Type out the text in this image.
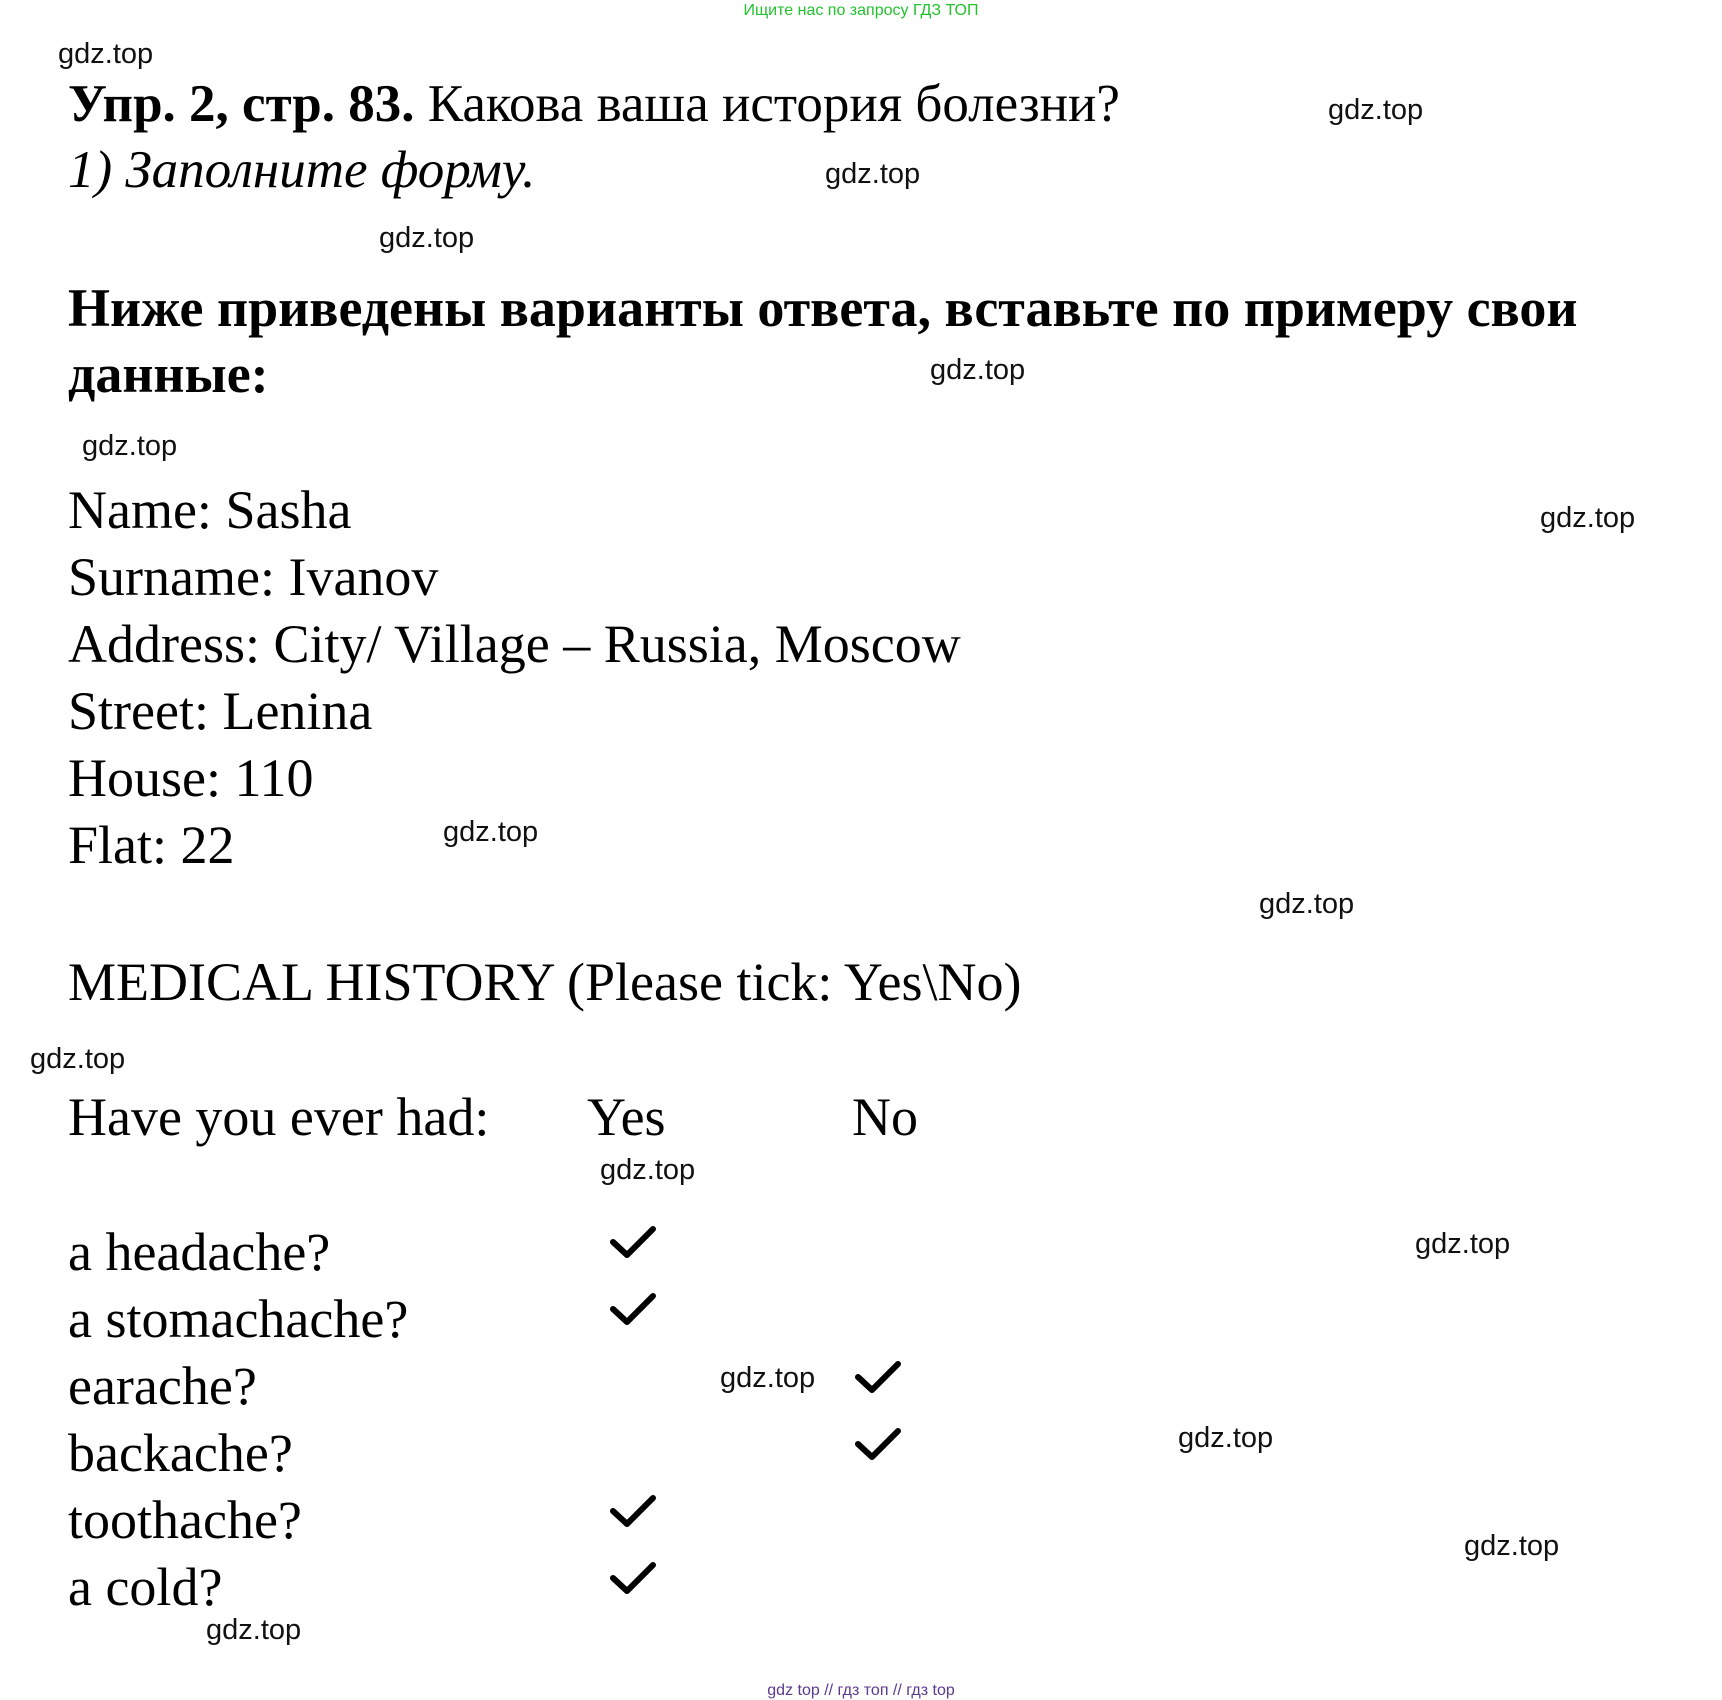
Ищите нас по запросу ГДЗ ТОП
gdz.top
gdz.top
gdz.top
gdz.top
gdz.top
gdz.top
gdz.top
gdz.top
gdz.top
gdz.top
gdz.top
gdz.top
gdz.top
gdz.top
gdz.top
gdz.top
Упр. 2, стр. 83. Какова ваша история болезни?
1) Заполните форму.
Ниже приведены варианты ответа, вставьте по примеру свои данные:
Name: Sasha
Surname: Ivanov
Address: City/ Village – Russia, Moscow
Street: Lenina
House: 110
Flat: 22
MEDICAL HISTORY (Please tick: Yes\No)
Have you ever had: Yes	No
a headache?
a stomachache?
earache?
backache?
toothache?
a cold?
gdz top // гдз топ // гдз top
